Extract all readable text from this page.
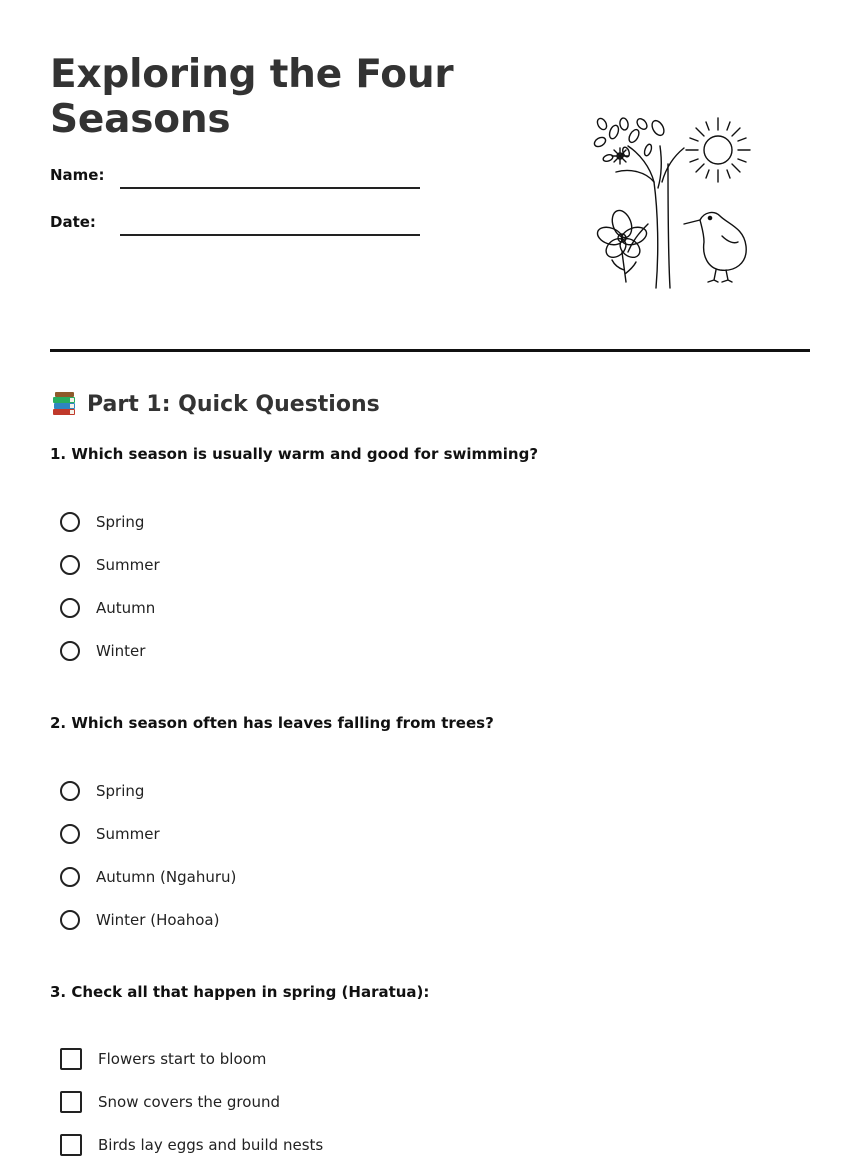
Exploring the Four Seasons
Name:
Date:
Part 1: Quick Questions
1. Which season is usually warm and good for swimming?
Spring
Summer
Autumn
Winter
2. Which season often has leaves falling from trees?
Spring
Summer
Autumn (Ngahuru)
Winter (Hoahoa)
3. Check all that happen in spring (Haratua):
Flowers start to bloom
Snow covers the ground
Birds lay eggs and build nests
